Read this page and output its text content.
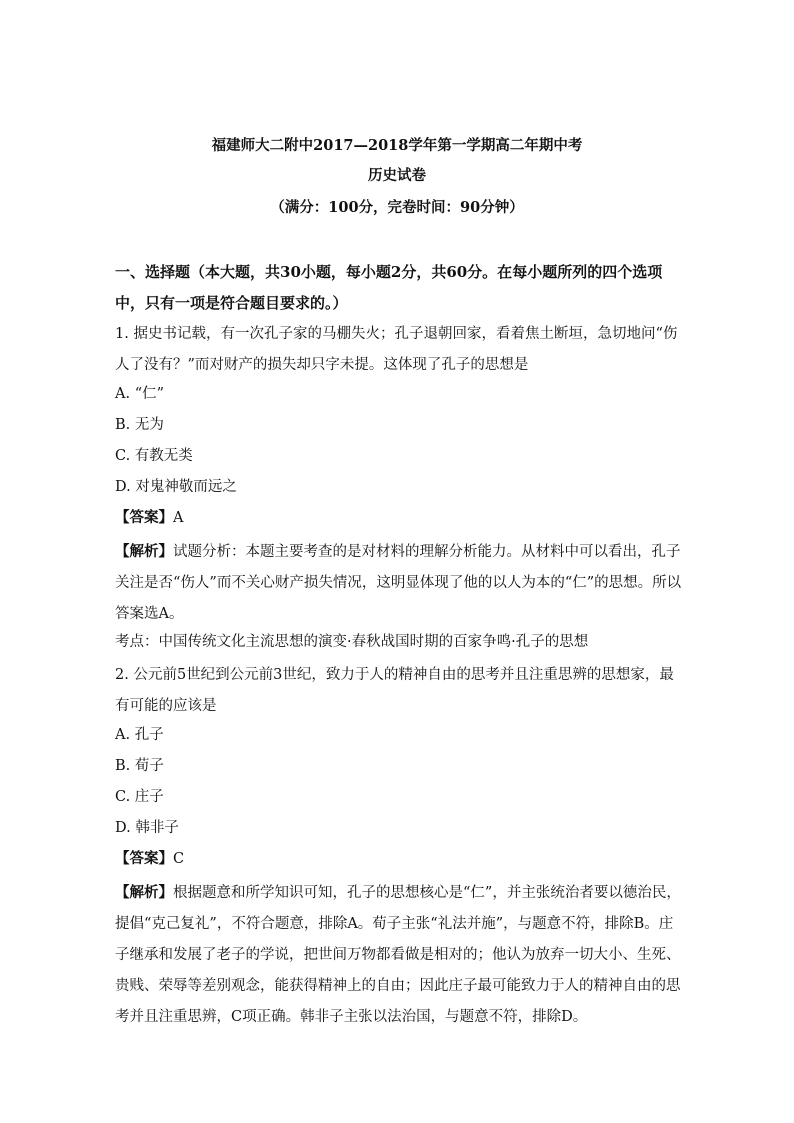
福建师大二附中2017—2018学年第一学期高二年期中考
历史试卷
（满分：100分，完卷时间：90分钟）
一、选择题（本大题，共30小题，每小题2分，共60分。在每小题所列的四个选项中，只有一项是符合题目要求的。）
1. 据史书记载，有一次孔子家的马棚失火；孔子退朝回家，看着焦土断垣，急切地问“伤人了没有？”而对财产的损失却只字未提。这体现了孔子的思想是
A. “仁”
B. 无为
C. 有教无类
D. 对鬼神敬而远之
【答案】A
【解析】试题分析：本题主要考查的是对材料的理解分析能力。从材料中可以看出，孔子关注是否“伤人”而不关心财产损失情况，这明显体现了他的以人为本的“仁”的思想。所以答案选A。
考点：中国传统文化主流思想的演变·春秋战国时期的百家争鸣·孔子的思想
2. 公元前5世纪到公元前3世纪，致力于人的精神自由的思考并且注重思辨的思想家，最有可能的应该是
A. 孔子
B. 荀子
C. 庄子
D. 韩非子
【答案】C
【解析】根据题意和所学知识可知，孔子的思想核心是“仁”，并主张统治者要以德治民，提倡“克己复礼”，不符合题意，排除A。荀子主张“礼法并施”，与题意不符，排除B。庄子继承和发展了老子的学说，把世间万物都看做是相对的；他认为放弃一切大小、生死、贵贱、荣辱等差别观念，能获得精神上的自由；因此庄子最可能致力于人的精神自由的思考并且注重思辨，C项正确。韩非子主张以法治国，与题意不符，排除D。
